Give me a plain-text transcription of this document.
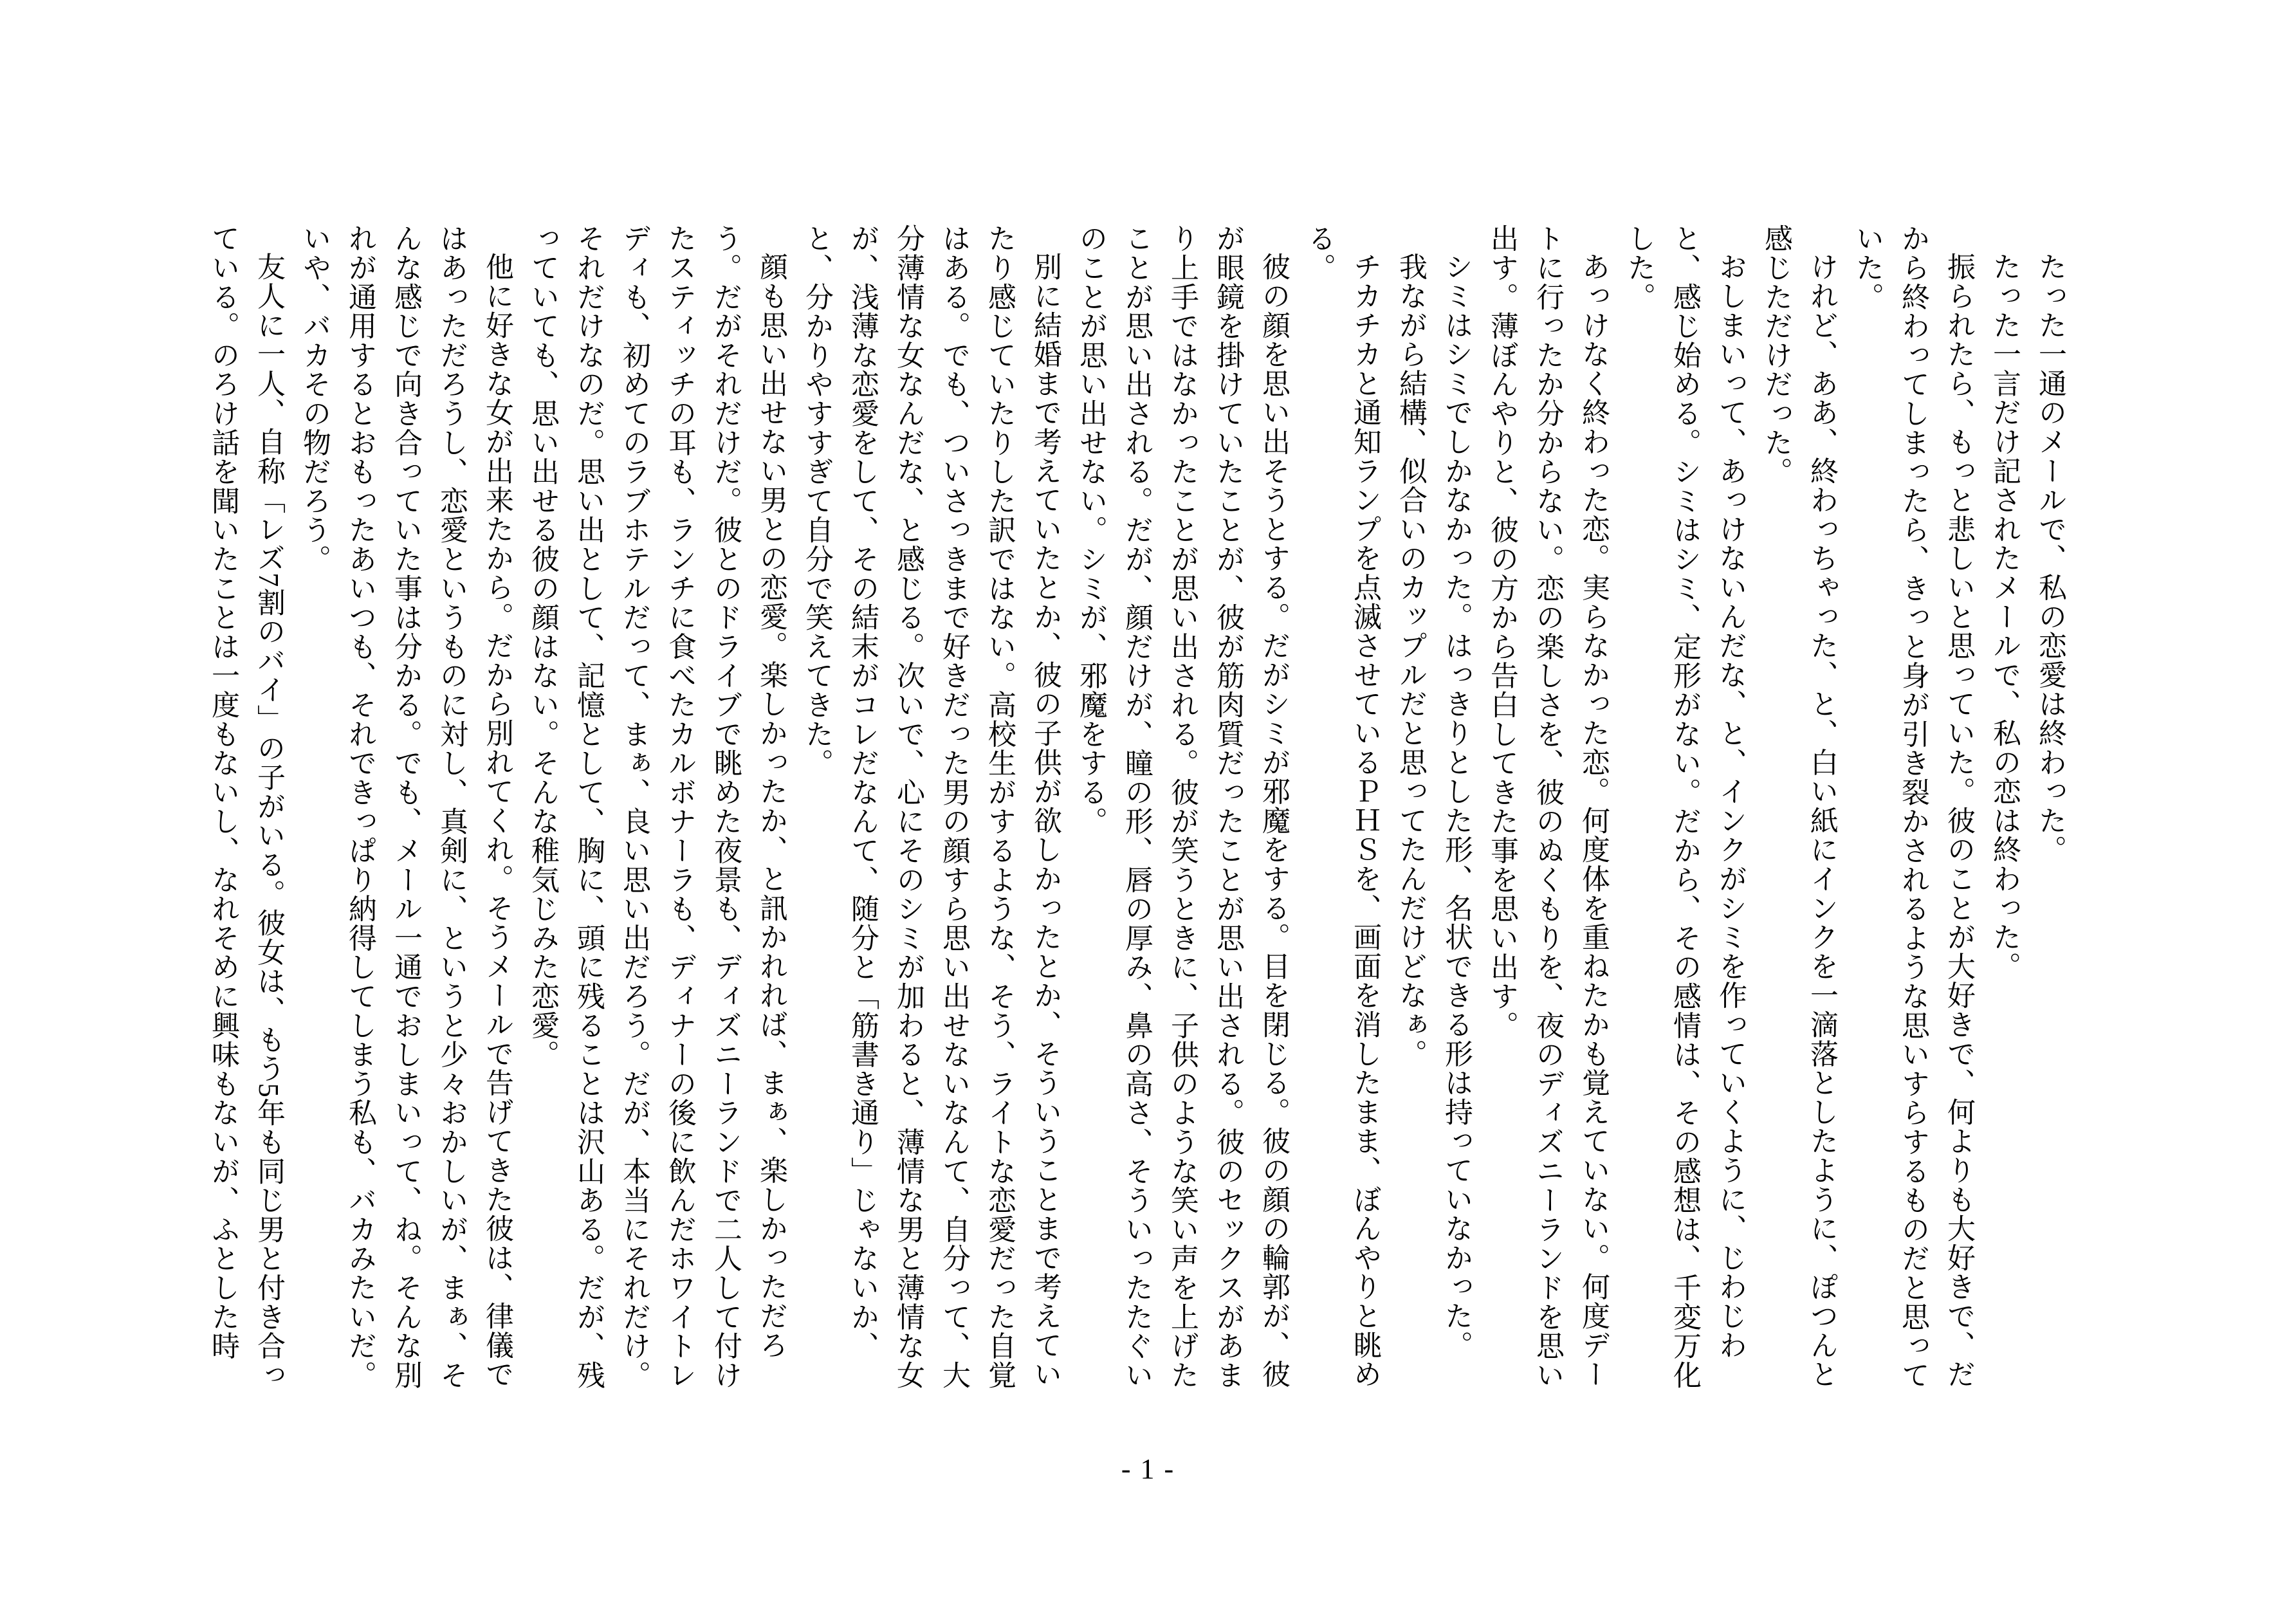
たった一通のメールで、私の恋愛は終わった。

たった一言だけ記されたメールで、私の恋は終わった。

振られたら、もっと悲しいと思っていた。彼のことが大好きで、何よりも大好きで、だから終わってしまったら、きっと身が引き裂かされるような思いすらするものだと思っていた。

けれど、ああ、終わっちゃった、と、白い紙にインクを一滴落としたように、ぽつんと感じただけだった。

おしまいって、あっけないんだな、と、インクがシミを作っていくように、じわじわと、感じ始める。シミはシミ、定形がない。だから、その感情は、その感想は、千変万化した。

あっけなく終わった恋。実らなかった恋。何度体を重ねたかも覚えていない。何度デートに行ったか分からない。恋の楽しさを、彼のぬくもりを、夜のディズニーランドを思い出す。薄ぼんやりと、彼の方から告白してきた事を思い出す。

シミはシミでしかなかった。はっきりとした形、名状できる形は持っていなかった。

我ながら結構、似合いのカップルだと思ってたんだけどなぁ。

チカチカと通知ランプを点滅させているＰＨＳを、画面を消したまま、ぼんやりと眺める。

彼の顔を思い出そうとする。だがシミが邪魔をする。目を閉じる。彼の顔の輪郭が、彼が眼鏡を掛けていたことが、彼が筋肉質だったことが思い出される。彼のセックスがあまり上手ではなかったことが思い出される。彼が笑うときに、子供のような笑い声を上げたことが思い出される。だが、顔だけが、瞳の形、唇の厚み、鼻の高さ、そういったたぐいのことが思い出せない。シミが、邪魔をする。

別に結婚まで考えていたとか、彼の子供が欲しかったとか、そういうことまで考えていたり感じていたりした訳ではない。高校生がするような、そう、ライトな恋愛だった自覚はある。でも、ついさっきまで好きだった男の顔すら思い出せないなんて、自分って、大分薄情な女なんだな、と感じる。次いで、心にそのシミが加わると、薄情な男と薄情な女が、浅薄な恋愛をして、その結末がコレだなんて、随分と「筋書き通り」じゃないか、と、分かりやすすぎて自分で笑えてきた。

顔も思い出せない男との恋愛。楽しかったか、と訊かれれば、まぁ、楽しかっただろう。だがそれだけだ。彼とのドライブで眺めた夜景も、ディズニーランドで二人して付けたスティッチの耳も、ランチに食べたカルボナーラも、ディナーの後に飲んだホワイトレディも、初めてのラブホテルだって、まぁ、良い思い出だろう。だが、本当にそれだけ。それだけなのだ。思い出として、記憶として、胸に、頭に残ることは沢山ある。だが、残っていても、思い出せる彼の顔はない。そんな稚気じみた恋愛。

他に好きな女が出来たから。だから別れてくれ。そうメールで告げてきた彼は、律儀ではあっただろうし、恋愛というものに対し、真剣に、というと少々おかしいが、まぁ、そんな感じで向き合っていた事は分かる。でも、メール一通でおしまいって、ね。そんな別れが通用するとおもったあいつも、それできっぱり納得してしまう私も、バカみたいだ。いや、バカその物だろう。

友人に一人、自称「レズ7割のバイ」の子がいる。彼女は、もう5年も同じ男と付き合っている。のろけ話を聞いたことは一度もないし、なれそめに興味もないが、ふとした時

- 1 -
